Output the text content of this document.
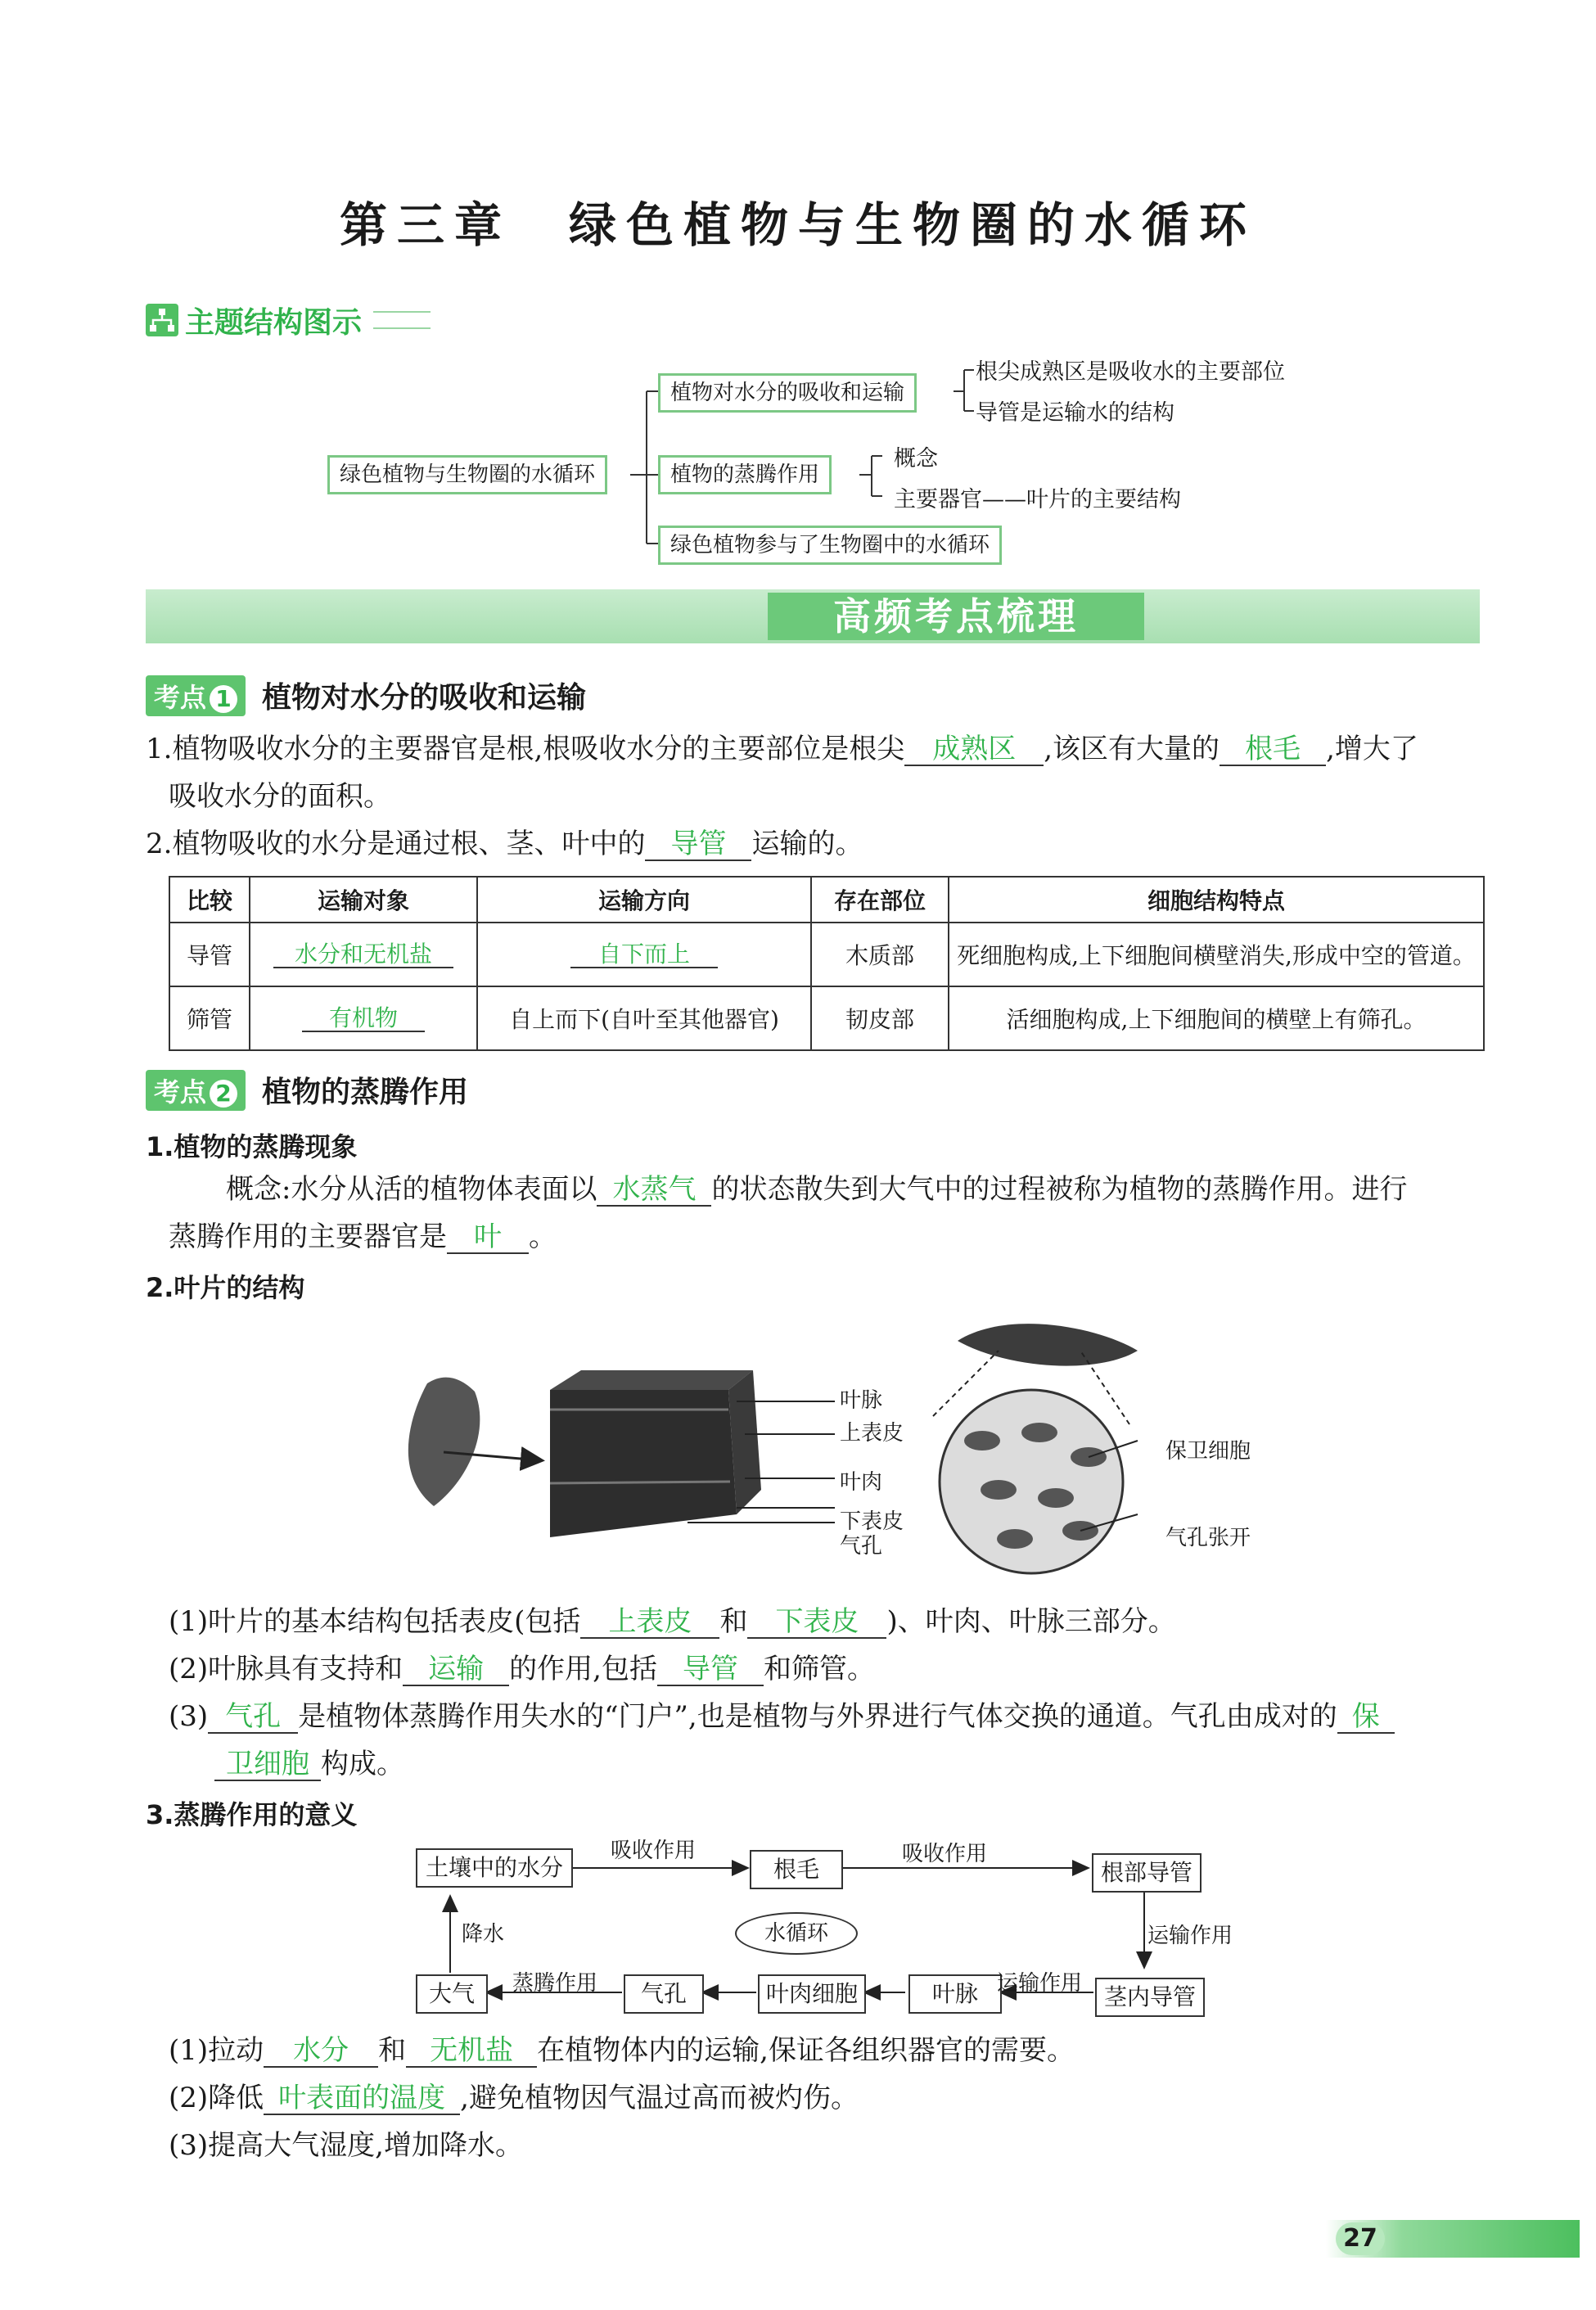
第三章　绿色植物与生物圈的水循环
主题结构图示
绿色植物与生物圈的水循环
植物对水分的吸收和运输
根尖成熟区是吸收水的主要部位
导管是运输水的结构
植物的蒸腾作用
概念
主要器官——叶片的主要结构
绿色植物参与了生物圈中的水循环
高频考点梳理
考点 1	植物对水分的吸收和运输
1.植物吸收水分的主要器官是根,根吸收水分的主要部位是根尖 成熟区 ,该区有大量的 根毛 ,增大了
吸收水分的面积。
2.植物吸收的水分是通过根、茎、叶中的 导管 运输的。
比较	运输对象	运输方向	存在部位	细胞结构特点
导管	水分和无机盐	自下而上	木质部	死细胞构成,上下细胞间横壁消失,形成中空的管道。
筛管	有机物	自上而下(自叶至其他器官)	韧皮部	活细胞构成,上下细胞间的横壁上有筛孔。
考点 2	植物的蒸腾作用
1.植物的蒸腾现象
概念:水分从活的植物体表面以 水蒸气 的状态散失到大气中的过程被称为植物的蒸腾作用。进行
蒸腾作用的主要器官是 叶 。
2.叶片的结构
叶脉
上表皮
叶肉
下表皮
气孔
保卫细胞
气孔张开
(1)叶片的基本结构包括表皮(包括 上表皮 和 下表皮 )、叶肉、叶脉三部分。
(2)叶脉具有支持和 运输 的作用,包括 导管 和筛管。
(3) 气孔 是植物体蒸腾作用失水的“门户”,也是植物与外界进行气体交换的通道。气孔由成对的 保
卫细胞 构成。
3.蒸腾作用的意义
土壤中的水分
吸收作用
根毛
吸收作用
根部导管
降水	水循环	运输作用
大气	蒸腾作用	气孔	叶肉细胞	叶脉 运输作用 茎内导管
(1)拉动 水分 和 无机盐 在植物体内的运输,保证各组织器官的需要。
(2)降低 叶表面的温度 ,避免植物因气温过高而被灼伤。
(3)提高大气湿度,增加降水。
27
